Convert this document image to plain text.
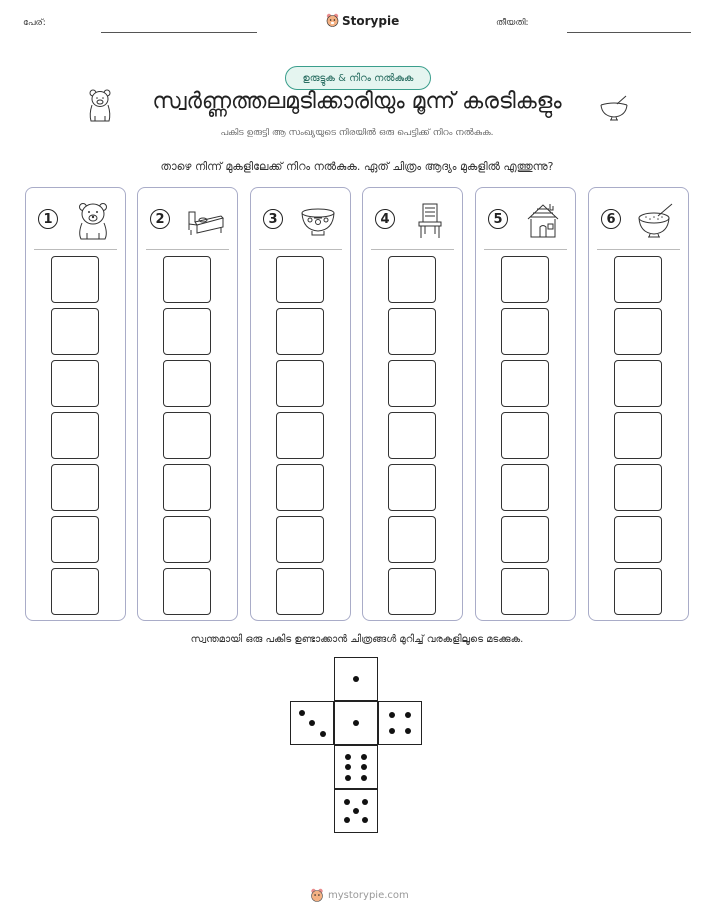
പേര്:	Storypie	തീയതി:
ഉരുട്ടുക & നിറം നൽകുക
സ്വർണ്ണത്തലമുടിക്കാരിയും മൂന്ന് കരടികളും
പകിട ഉരുട്ടി ആ സംഖ്യയുടെ നിരയിൽ ഒരു പെട്ടിക്ക് നിറം നൽകുക.
താഴെ നിന്ന് മുകളിലേക്ക് നിറം നൽകുക. ഏത് ചിത്രം ആദ്യം മുകളിൽ എത്തുന്നു?
1	2	3	4	5	6
സ്വന്തമായി ഒരു പകിട ഉണ്ടാക്കാൻ ചിത്രങ്ങൾ മുറിച്ച് വരകളിലൂടെ മടക്കുക.
mystorypie.com
